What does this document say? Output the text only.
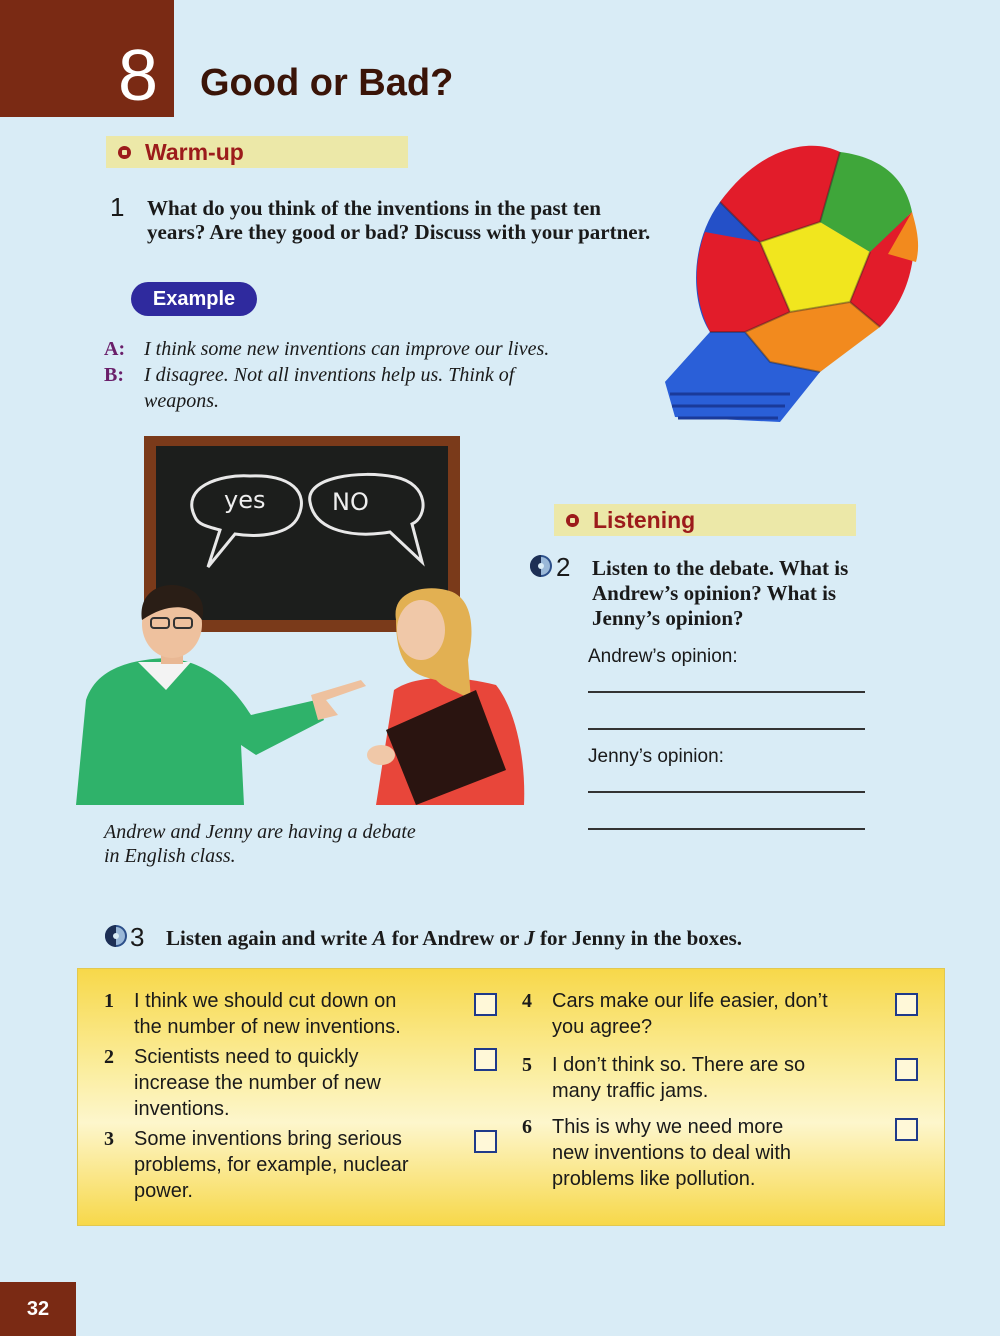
8 Good or Bad?
Warm-up
1 What do you think of the inventions in the past ten
years? Are they good or bad? Discuss with your partner.
Example
A: I think some new inventions can improve our lives.
B: I disagree. Not all inventions help us. Think of
weapons.
yes	NO
Andrew and Jenny are having a debate
in English class.
Listening
2 Listen to the debate. What is
Andrew’s opinion? What is
Jenny’s opinion?
Andrew’s opinion:
Jenny’s opinion:
3 Listen again and write A for Andrew or J for Jenny in the boxes.
1 I think we should cut down on
the number of new inventions.
2 Scientists need to quickly
increase the number of new
inventions.
3 Some inventions bring serious
problems, for example, nuclear
power.
4 Cars make our life easier, don’t
you agree?
5 I don’t think so. There are so
many traffic jams.
6 This is why we need more
new inventions to deal with
problems like pollution.
32
